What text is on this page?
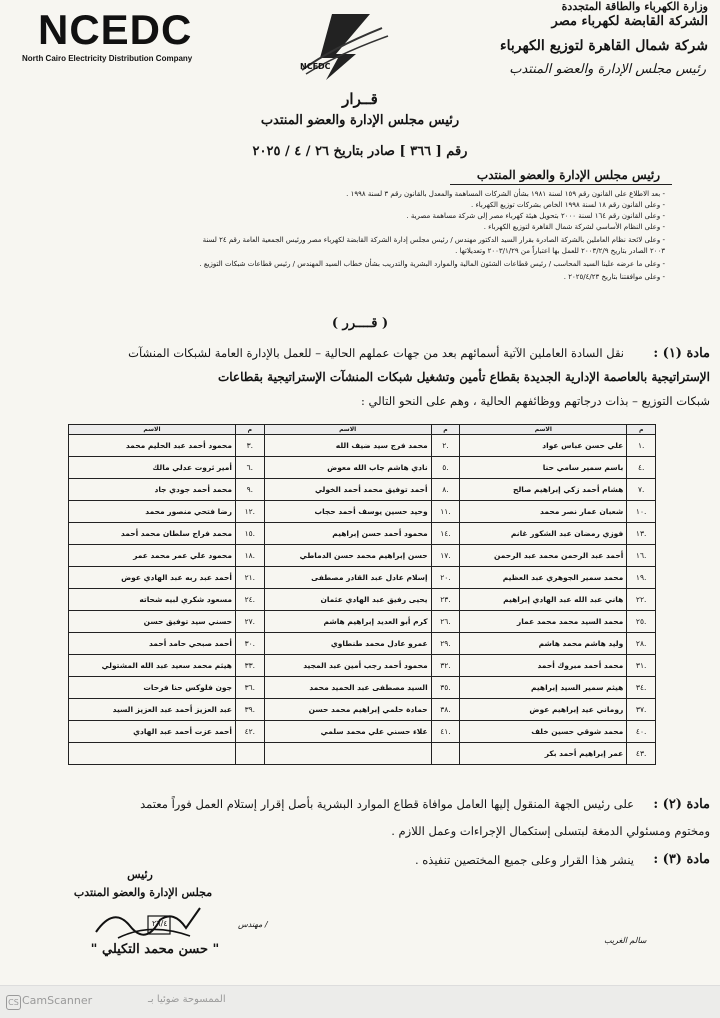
NCEDC
North Cairo Electricity Distribution Company
NCEDC
وزارة الكهرباء والطاقة المتجددة
الشركة القابضة لكهرباء مصر
شركة شمال القاهرة لتوزيع الكهرباء
رئيس مجلس الإدارة والعضو المنتدب
قــرار
رئيس مجلس الإدارة والعضو المنتدب
رقم [ ٣٦٦ ] صادر بتاريخ ٢٦ / ٤ / ٢٠٢٥
رئيس مجلس الإدارة والعضو المنتدب
- بعد الاطلاع على القانون رقم ١٥٩ لسنة ١٩٨١ بشأن الشركات المساهمة والمعدل بالقانون رقم ٣ لسنة ١٩٩٨ .
- وعلى القانون رقم ١٨ لسنة ١٩٩٨ الخاص بشركات توزيع الكهرباء .
- وعلى القانون رقم ١٦٤ لسنة ٢٠٠٠ بتحويل هيئة كهرباء مصر إلى شركة مساهمة مصرية .
- وعلى النظام الأساسي لشركة شمال القاهرة لتوزيع الكهرباء .
- وعلى لائحة نظام العاملين بالشركة الصادرة بقرار السيد الدكتور مهندس / رئيس مجلس إدارة الشركة القابضة لكهرباء مصر ورئيس الجمعية العامة رقم ٢٤ لسنة
٢٠٠٣ الصادر بتاريخ ٢٠٠٣/٢/٩ للعمل بها اعتباراً من ٢٠٠٣/١/٢٩ وتعديلاتها .
- وعلى ما عرضه علينا السيد المحاسب / رئيس قطاعات الشئون المالية والموارد البشرية والتدريب بشأن خطاب السيد المهندس / رئيس قطاعات شبكات التوزيع .
- وعلى موافقتنا بتاريخ ٢٠٢٥/٤/٢٣ .
( قــــرر )
مادة (١) :
نقل السادة العاملين الآتية أسمائهم بعد من جهات عملهم الحالية – للعمل بالإدارة العامة لشبكات المنشآت
الإستراتيجية بالعاصمة الإدارية الجديدة بقطاع تأمين وتشغيل شبكات المنشآت الإستراتيجية بقطاعات
شبكات التوزيع – بذات درجاتهم ووظائفهم الحالية ، وهم على النحو التالي :
م	الاسم	م	الاسم	م	الاسم
.١	علي حسن عباس عواد	.٢	محمد فرج سيد ضيف الله	.٣	محمود أحمد عبد الحليم محمد
.٤	باسم سمير سامي حنا	.٥	نادي هاشم جاب الله معوض	.٦	أمير ثروت عدلي مالك
.٧	هشام أحمد زكي إبراهيم صالح	.٨	أحمد توفيق محمد أحمد الخولي	.٩	محمد أحمد جودي جاد
.١٠	شعبان عمار نصر محمد	.١١	وحيد حسين يوسف أحمد حجاب	.١٢	رضا فتحي منصور محمد
.١٣	فوزي رمضان عبد الشكور غانم	.١٤	محمود أحمد حسن إبراهيم	.١٥	محمد فراج سلطان محمد أحمد
.١٦	أحمد عبد الرحمن محمد عبد الرحمن	.١٧	حسن إبراهيم محمد حسن الدماطي	.١٨	محمود علي عمر محمد عمر
.١٩	محمد سمير الجوهري عبد العظيم	.٢٠	إسلام عادل عبد القادر مصطفى	.٢١	أحمد عبد ربه عبد الهادي عوض
.٢٢	هاني عبد الله عبد الهادي إبراهيم	.٢٣	يحيى رفيق عبد الهادي عثمان	.٢٤	مسعود شكري لبيه شحاته
.٢٥	محمد السيد محمد محمد عمار	.٢٦	كرم أبو العديد إبراهيم هاشم	.٢٧	حسني سيد توفيق حسن
.٢٨	وليد هاشم محمد هاشم	.٢٩	عمرو عادل محمد طنطاوي	.٣٠	أحمد صبحي حامد أحمد
.٣١	محمد أحمد مبروك أحمد	.٣٢	محمود أحمد رجب أمين عبد المجيد	.٣٣	هيثم محمد سعيد عبد الله المشتولي
.٣٤	هيثم سمير السيد إبراهيم	.٣٥	السيد مصطفى عبد الحميد محمد	.٣٦	جون فلوكس حنا فرحات
.٣٧	روماني عيد إبراهيم عوض	.٣٨	حمادة حلمي إبراهيم محمد حسن	.٣٩	عبد العزيز أحمد عبد العزيز السيد
.٤٠	محمد شوقي حسين خلف	.٤١	علاء حسني علي محمد سلمي	.٤٢	أحمد عزت أحمد عبد الهادي
.٤٣	عمر إبراهيم أحمد بكر				
مادة (٢) :
على رئيس الجهة المنقول إليها العامل موافاة قطاع الموارد البشرية بأصل إقرار إستلام العمل فوراً معتمد
ومختوم ومسئولي الدمغة لبتسلى إستكمال الإجراءات وعمل اللازم .
مادة (٣) :
ينشر هذا القرار وعلى جميع المختصين تنفيذه .
رئيس
مجلس الإدارة والعضو المنتدب
مهندس /
٢٦/٤
" حسن محمد التكيلي "
سالم الغريب
CS CamScanner	الممسوحة ضوئيا بـ
